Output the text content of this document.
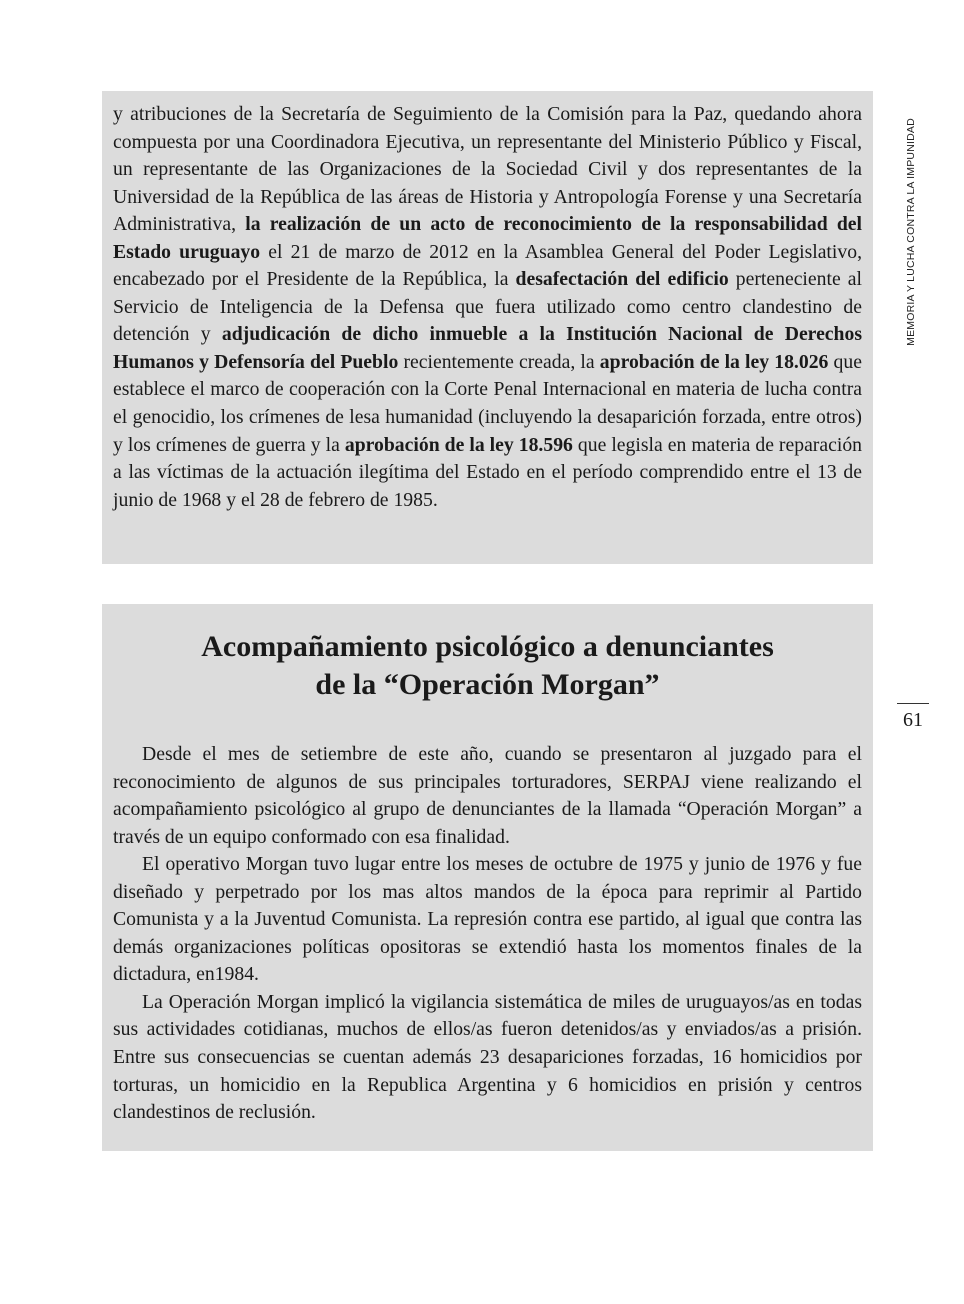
y atribuciones de la Secretaría de Seguimiento de la Comisión para la Paz, quedando ahora compuesta por una Coordinadora Ejecutiva, un representante del Ministerio Público y Fiscal, un representante de las Organizaciones de la Sociedad Civil y dos representantes de la Universidad de la República de las áreas de Historia y Antropología Forense y una Secretaría Administrativa, la realización de un acto de reconocimiento de la responsabilidad del Estado uruguayo el 21 de marzo de 2012 en la Asamblea General del Poder Legislativo, encabezado por el Presidente de la República, la desafectación del edificio perteneciente al Servicio de Inteligencia de la Defensa que fuera utilizado como centro clandestino de detención y adjudicación de dicho inmueble a la Institución Nacional de Derechos Humanos y Defensoría del Pueblo recientemente creada, la aprobación de la ley 18.026 que establece el marco de cooperación con la Corte Penal Internacional en materia de lucha contra el genocidio, los crímenes de lesa humanidad (incluyendo la desaparición forzada, entre otros) y los crímenes de guerra y la aprobación de la ley 18.596 que legisla en materia de reparación a las víctimas de la actuación ilegítima del Estado en el período comprendido entre el 13 de junio de 1968 y el 28 de febrero de 1985.

Acompañamiento psicológico a denunciantes
de la “Operación Morgan”

Desde el mes de setiembre de este año, cuando se presentaron al juzgado para el reconocimiento de algunos de sus principales torturadores, SERPAJ viene realizando el acompañamiento psicológico al grupo de denunciantes de la llamada “Operación Morgan” a través de un equipo conformado con esa finalidad.

El operativo Morgan tuvo lugar entre los meses de octubre de 1975 y junio de 1976 y fue diseñado y perpetrado por los mas altos mandos de la época para reprimir al Partido Comunista y a la Juventud Comunista. La represión contra ese partido, al igual que contra las demás organizaciones políticas opositoras se extendió hasta los momentos finales de la dictadura, en1984.

La Operación Morgan implicó la vigilancia sistemática de miles de uruguayos/as en todas sus actividades cotidianas, muchos de ellos/as fueron detenidos/as y enviados/as a prisión. Entre sus consecuencias se cuentan además 23 desapariciones forzadas, 16 homicidios por torturas, un homicidio en la Republica Argentina y 6 homicidios en prisión y centros clandestinos de reclusión.

MEMORIA Y LUCHA CONTRA LA IMPUNIDAD
61
